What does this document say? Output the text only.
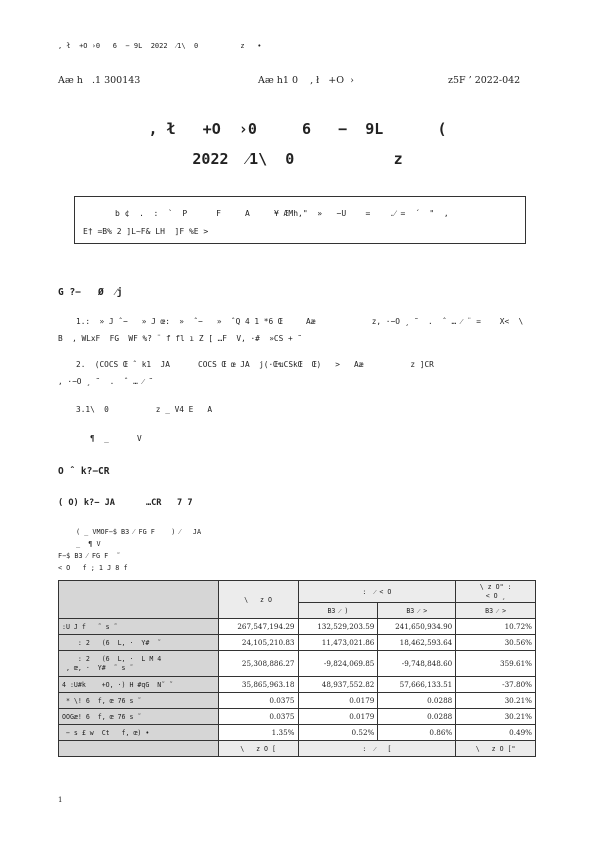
, ł  +O ›0   6  − 9L  2022  ⁄1\  0          z   •
Aæ h   .1 300143	Aæ h1 0    , ł   +O  ›	z5F ’ 2022-042
, ł   +O  ›0     6   −  9L      (
2022  ⁄1\  0           z
b ¢  .  :  `  P      F     A     ¥ ÆMh,"  »   −U    =    .⁄ =  ´  "  ,
E† =B% 2 ]L~F& LH  ]F %E >
G ?−   Ø  ⁄j
1.:  » J ˆ−   » J œ:  »  ˆ−   »  ˆQ 4 1 *6 Œ     Aæ            z, ·−O ¸ ˜  .  ˆ … ⁄ ¨ =    X<  \
B  , WLxF  FG  WF %? ¨ f fl ı Z [ …F  V, ·#  »CS + ˜
2.  (COCS Œ ˆ k1  JA      COCS Œ œ JA  j(·ŒฆCSkŒ  Œ)   >   Aæ          z ]CR
, ·−O ¸ ˜  .  ˆ … ⁄ ˜
3.1\  0          z _ V4 E   A
¶  _      V
O ˆ k?−CR
( O) k?− JA      …CR   7 7
( _ VMOF−$ B3 ⁄ FG F    ) ⁄   JA
_  ¶ V
F−$ B3 ⁄ FG F  ˜
< O   f ; 1 J 8 f
	\   z O	:  ⁄ < O		\ z O" :
< O ¸
		B3 ⁄ )	B3 ⁄ >	B3 ⁄ >
:U J f   ˜ s ˜	267,547,194.29	132,529,203.59	241,650,934.90	10.72%
: 2   (6  L, ·  Y#  ˜	24,105,210.83	11,473,021.86	18,462,593.64	30.56%
: 2   (6  L, ·  L M 4
, œ, ·  Y#  ˜ s ˜	25,308,886.27	-9,824,069.85	-9,748,848.60	359.61%
4 :U#k    +O, ·) H #qG  N˜ ˜	35,865,963.18	48,937,552.82	57,666,133.51	-37.80%
* \! 6  f, œ 76 s ˜	0.0375	0.0179	0.0288	30.21%
OOGæ! 6  f, œ 76 s ˜	0.0375	0.0179	0.0288	30.21%
− s £ w  Ct   f, œ) •	1.35%	0.52%	0.86%	0.49%
	\   z O [	:  ⁄   [		\   z O ["
1
